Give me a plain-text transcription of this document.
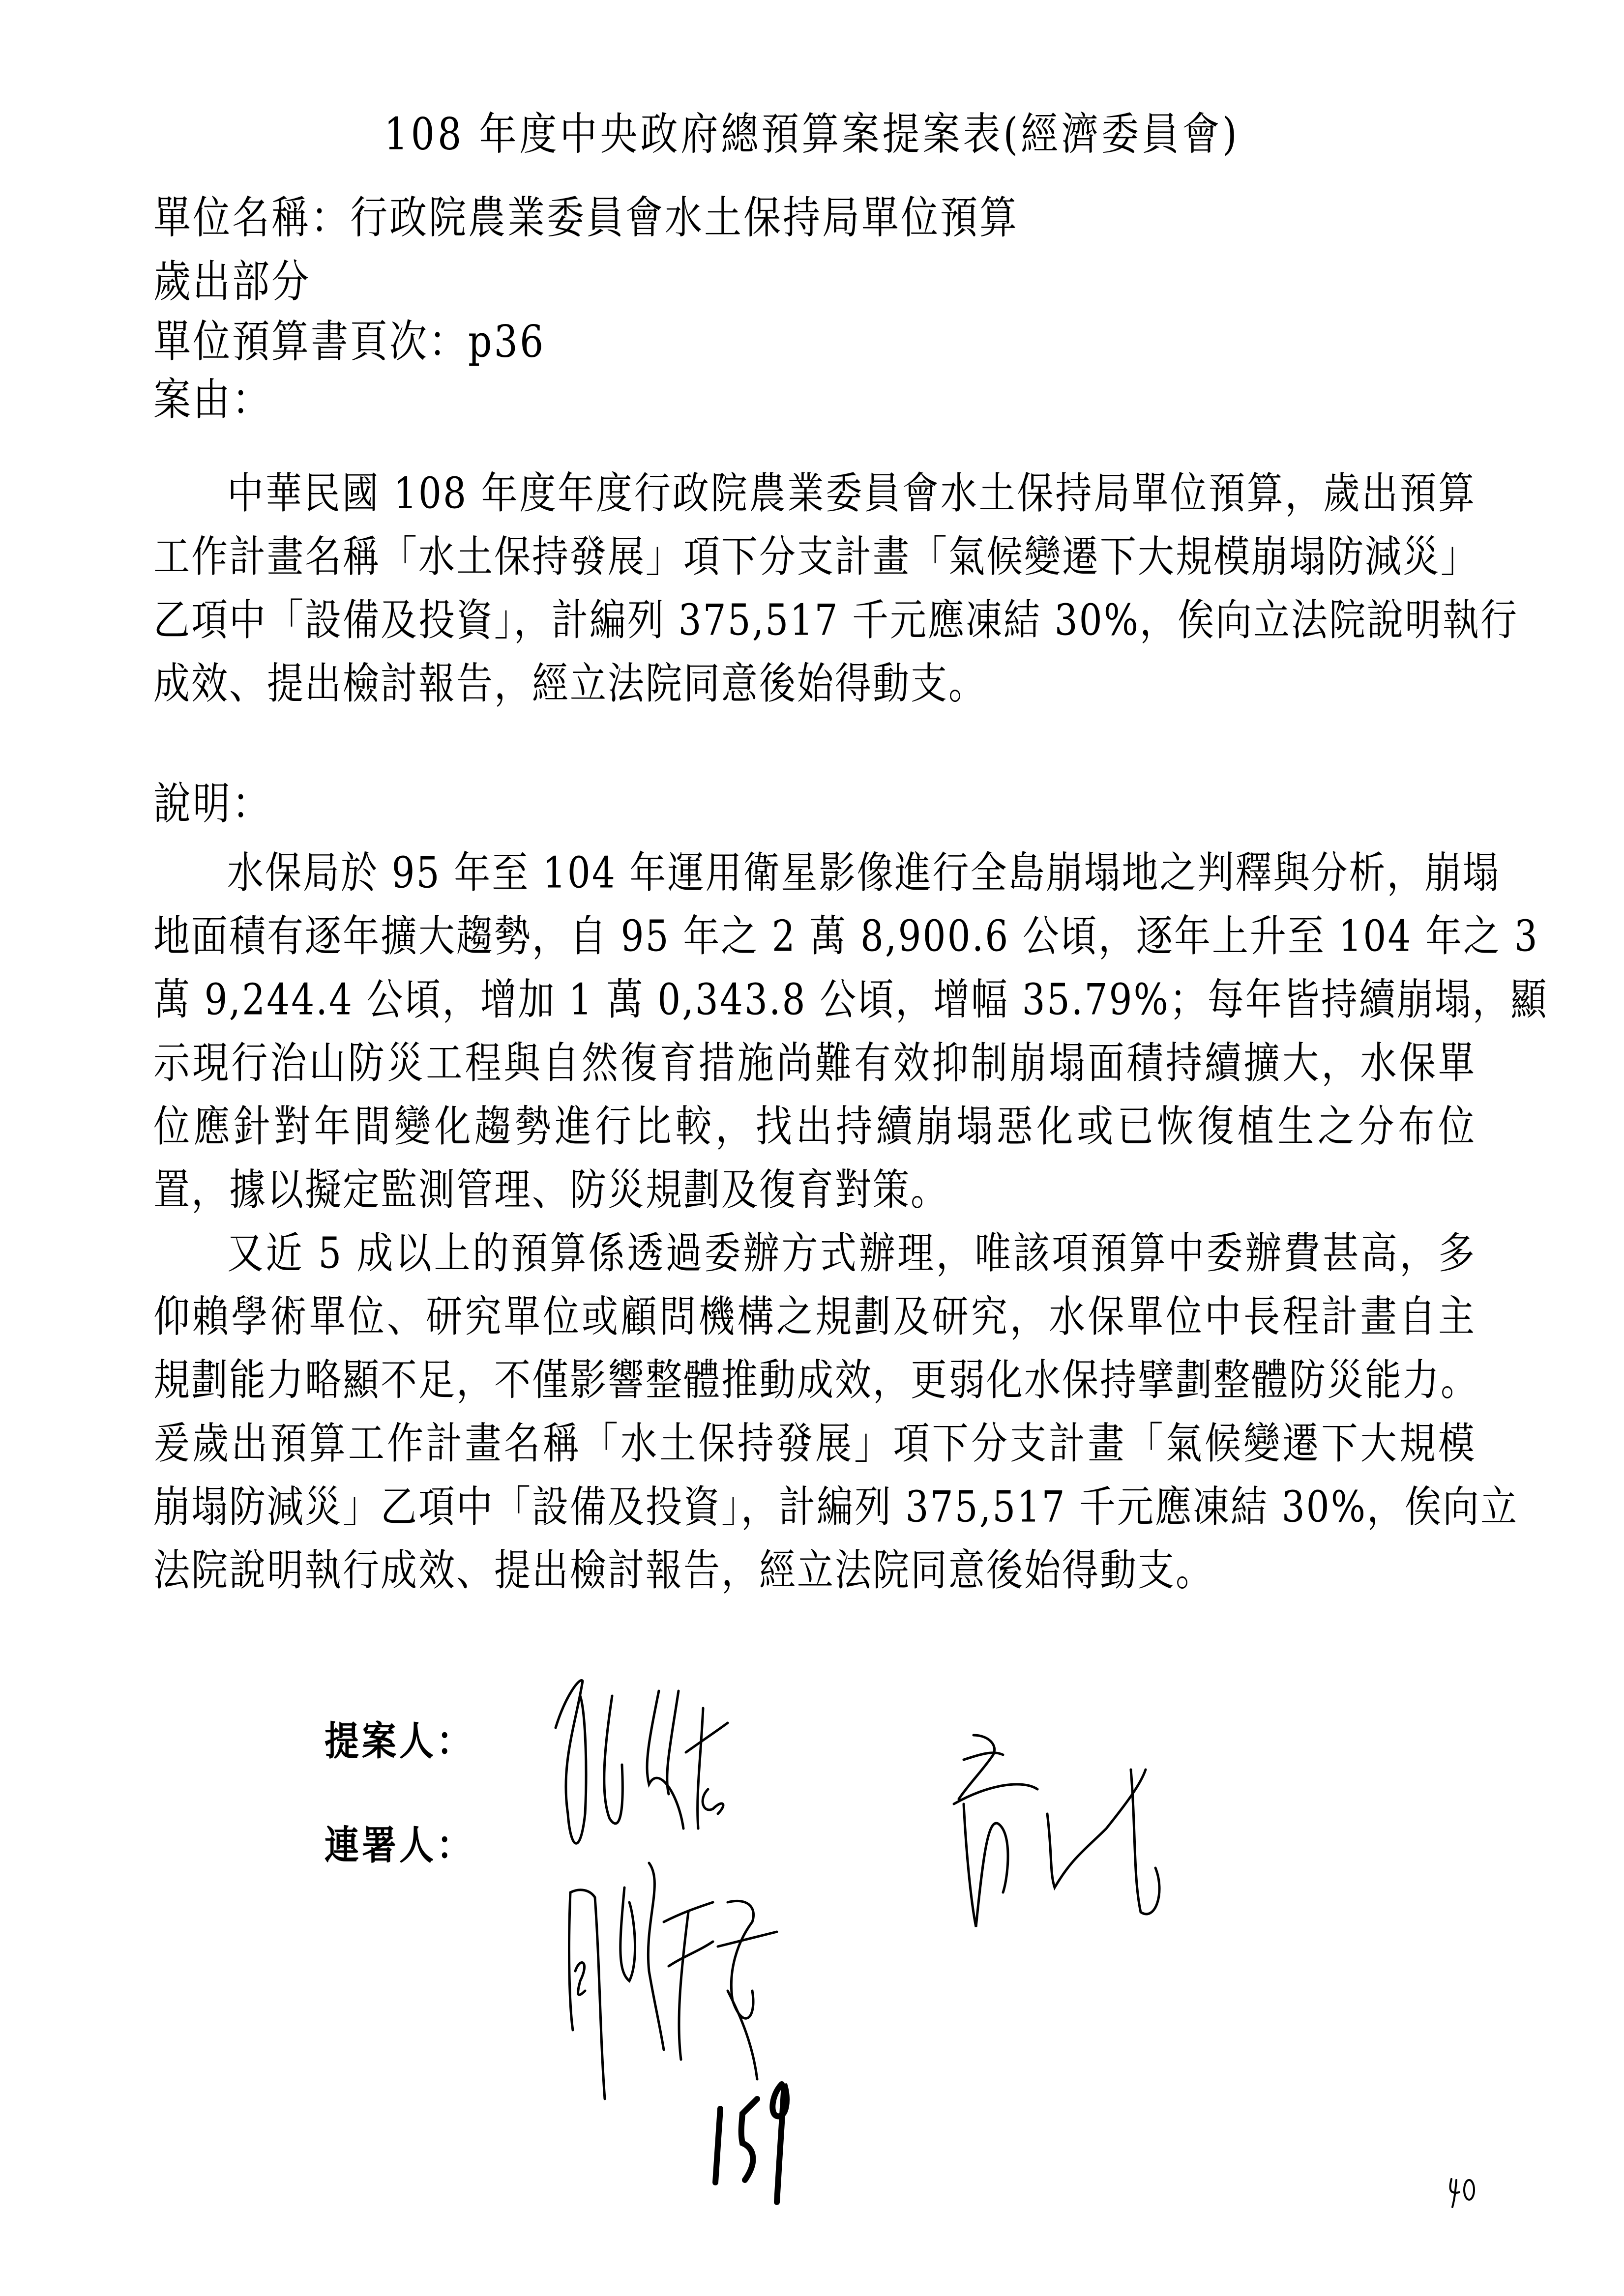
108 年度中央政府總預算案提案表(經濟委員會)
單位名稱：行政院農業委員會水土保持局單位預算
歲出部分
單位預算書頁次：p36
案由：
中華民國 108 年度年度行政院農業委員會水土保持局單位預算，歲出預算
工作計畫名稱「水土保持發展」項下分支計畫「氣候變遷下大規模崩塌防減災」
乙項中「設備及投資」，計編列 375,517 千元應凍結 30%，俟向立法院說明執行
成效、提出檢討報告，經立法院同意後始得動支。
說明：
水保局於 95 年至 104 年運用衛星影像進行全島崩塌地之判釋與分析，崩塌
地面積有逐年擴大趨勢，自 95 年之 2 萬 8,900.6 公頃，逐年上升至 104 年之 3
萬 9,244.4 公頃，增加 1 萬 0,343.8 公頃，增幅 35.79%；每年皆持續崩塌，顯
示現行治山防災工程與自然復育措施尚難有效抑制崩塌面積持續擴大，水保單
位應針對年間變化趨勢進行比較，找出持續崩塌惡化或已恢復植生之分布位
置，據以擬定監測管理、防災規劃及復育對策。
又近 5 成以上的預算係透過委辦方式辦理，唯該項預算中委辦費甚高，多
仰賴學術單位、研究單位或顧問機構之規劃及研究，水保單位中長程計畫自主
規劃能力略顯不足，不僅影響整體推動成效，更弱化水保持擘劃整體防災能力。
爰歲出預算工作計畫名稱「水土保持發展」項下分支計畫「氣候變遷下大規模
崩塌防減災」乙項中「設備及投資」，計編列 375,517 千元應凍結 30%，俟向立
法院說明執行成效、提出檢討報告，經立法院同意後始得動支。
提案人：
連署人：
